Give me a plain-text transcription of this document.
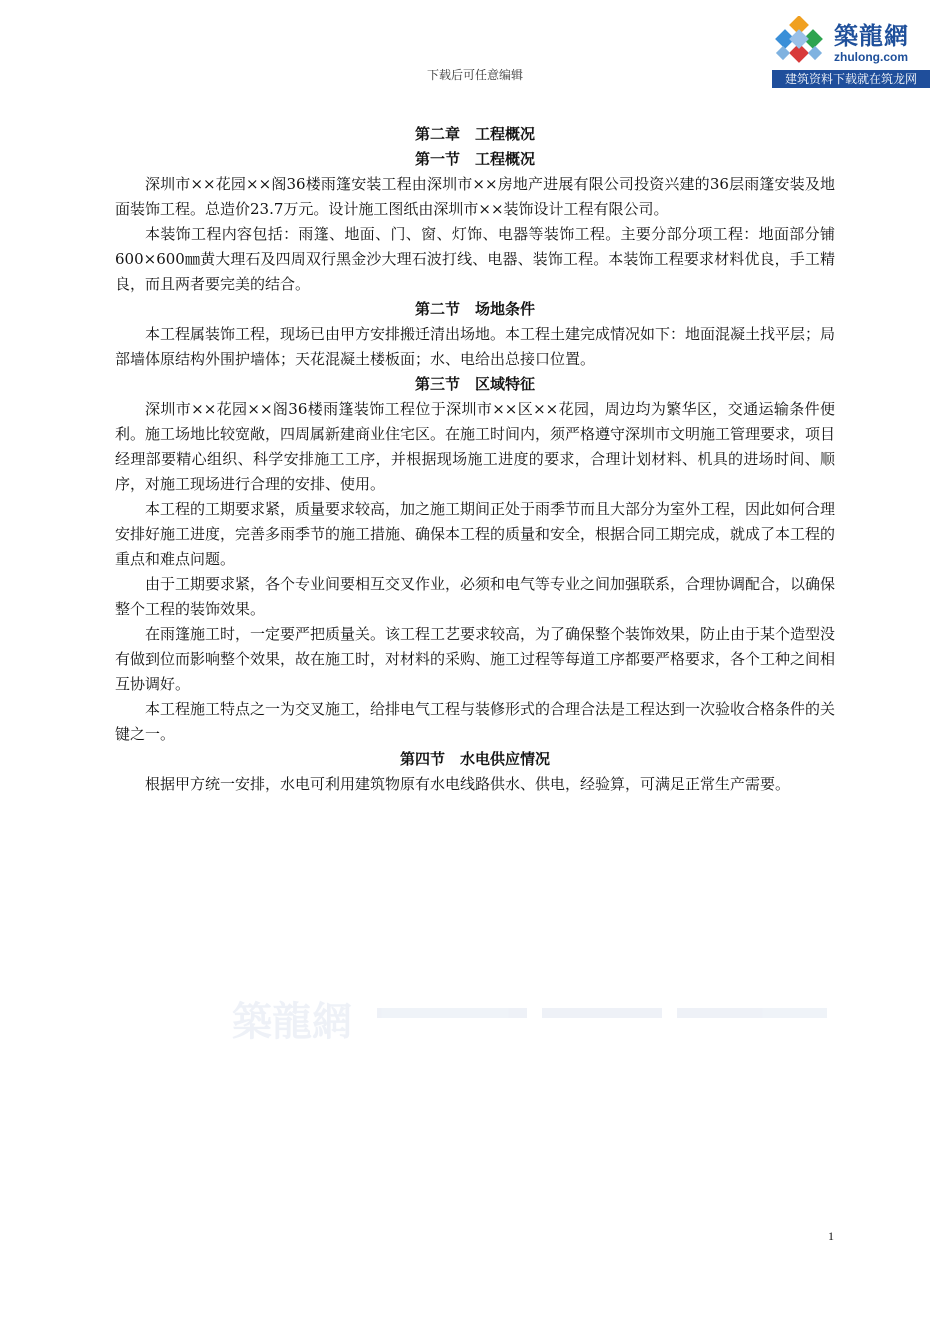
下载后可任意编辑
築龍網
zhulong.com
建筑资料下载就在筑龙网
第二章　工程概况
第一节　工程概况

深圳市××花园××阁36楼雨篷安装工程由深圳市××房地产进展有限公司投资兴建的36层雨篷安装及地面装饰工程。总造价23.7万元。设计施工图纸由深圳市××装饰设计工程有限公司。

本装饰工程内容包括：雨篷、地面、门、窗、灯饰、电器等装饰工程。主要分部分项工程：地面部分铺600×600㎜黄大理石及四周双行黑金沙大理石波打线、电器、装饰工程。本装饰工程要求材料优良，手工精良，而且两者要完美的结合。

第二节　场地条件

本工程属装饰工程，现场已由甲方安排搬迁清出场地。本工程土建完成情况如下：地面混凝土找平层；局部墙体原结构外围护墙体；天花混凝土楼板面；水、电给出总接口位置。

第三节　区域特征

深圳市××花园××阁36楼雨篷装饰工程位于深圳市××区××花园，周边均为繁华区，交通运输条件便利。施工场地比较宽敞，四周属新建商业住宅区。在施工时间内，须严格遵守深圳市文明施工管理要求，项目经理部要精心组织、科学安排施工工序，并根据现场施工进度的要求，合理计划材料、机具的进场时间、顺序，对施工现场进行合理的安排、使用。

本工程的工期要求紧，质量要求较高，加之施工期间正处于雨季节而且大部分为室外工程，因此如何合理安排好施工进度，完善多雨季节的施工措施、确保本工程的质量和安全，根据合同工期完成，就成了本工程的重点和难点问题。

由于工期要求紧，各个专业间要相互交叉作业，必须和电气等专业之间加强联系，合理协调配合，以确保整个工程的装饰效果。

在雨篷施工时，一定要严把质量关。该工程工艺要求较高，为了确保整个装饰效果，防止由于某个造型没有做到位而影响整个效果，故在施工时，对材料的采购、施工过程等每道工序都要严格要求，各个工种之间相互协调好。

本工程施工特点之一为交叉施工，给排电气工程与装修形式的合理合法是工程达到一次验收合格条件的关键之一。

第四节　水电供应情况

根据甲方统一安排，水电可利用建筑物原有水电线路供水、供电，经验算，可满足正常生产需要。

築龍網
1
